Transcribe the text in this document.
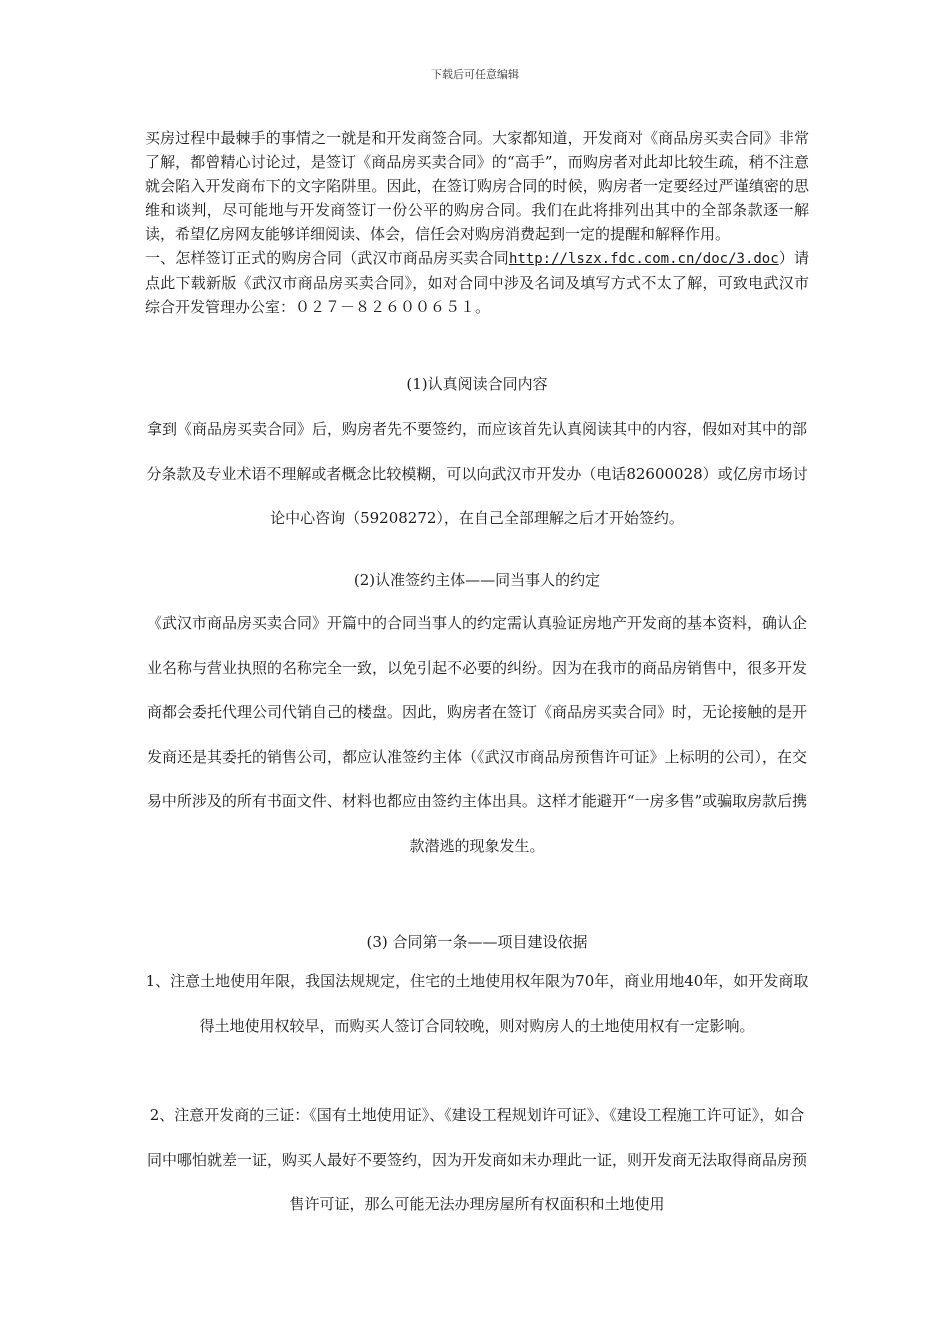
下载后可任意编辑

买房过程中最棘手的事情之一就是和开发商签合同。大家都知道，开发商对《商品房买卖合同》非常了解，都曾精心讨论过，是签订《商品房买卖合同》的“高手”，而购房者对此却比较生疏，稍不注意就会陷入开发商布下的文字陷阱里。因此，在签订购房合同的时候，购房者一定要经过严谨缜密的思维和谈判，尽可能地与开发商签订一份公平的购房合同。我们在此将排列出其中的全部条款逐一解读，希望亿房网友能够详细阅读、体会，信任会对购房消费起到一定的提醒和解释作用。

一、怎样签订正式的购房合同（武汉市商品房买卖合同http://lszx.fdc.com.cn/doc/3.doc）请点此下载新版《武汉市商品房买卖合同》，如对合同中涉及名词及填写方式不太了解，可致电武汉市综合开发管理办公室：０２７－８２６００６５１。

(1)认真阅读合同内容

拿到《商品房买卖合同》后，购房者先不要签约，而应该首先认真阅读其中的内容，假如对其中的部分条款及专业术语不理解或者概念比较模糊，可以向武汉市开发办（电话82600028）或亿房市场讨论中心咨询（59208272），在自己全部理解之后才开始签约。

(2)认准签约主体——同当事人的约定

《武汉市商品房买卖合同》开篇中的合同当事人的约定需认真验证房地产开发商的基本资料，确认企业名称与营业执照的名称完全一致，以免引起不必要的纠纷。因为在我市的商品房销售中，很多开发商都会委托代理公司代销自己的楼盘。因此，购房者在签订《商品房买卖合同》时，无论接触的是开发商还是其委托的销售公司，都应认准签约主体（《武汉市商品房预售许可证》上标明的公司），在交易中所涉及的所有书面文件、材料也都应由签约主体出具。这样才能避开“一房多售”或骗取房款后携款潜逃的现象发生。

(3) 合同第一条——项目建设依据

1、注意土地使用年限，我国法规规定，住宅的土地使用权年限为70年，商业用地40年，如开发商取得土地使用权较早，而购买人签订合同较晚，则对购房人的土地使用权有一定影响。

2、注意开发商的三证：《国有土地使用证》、《建设工程规划许可证》、《建设工程施工许可证》，如合同中哪怕就差一证，购买人最好不要签约，因为开发商如未办理此一证，则开发商无法取得商品房预售许可证，那么可能无法办理房屋所有权面积和土地使用
